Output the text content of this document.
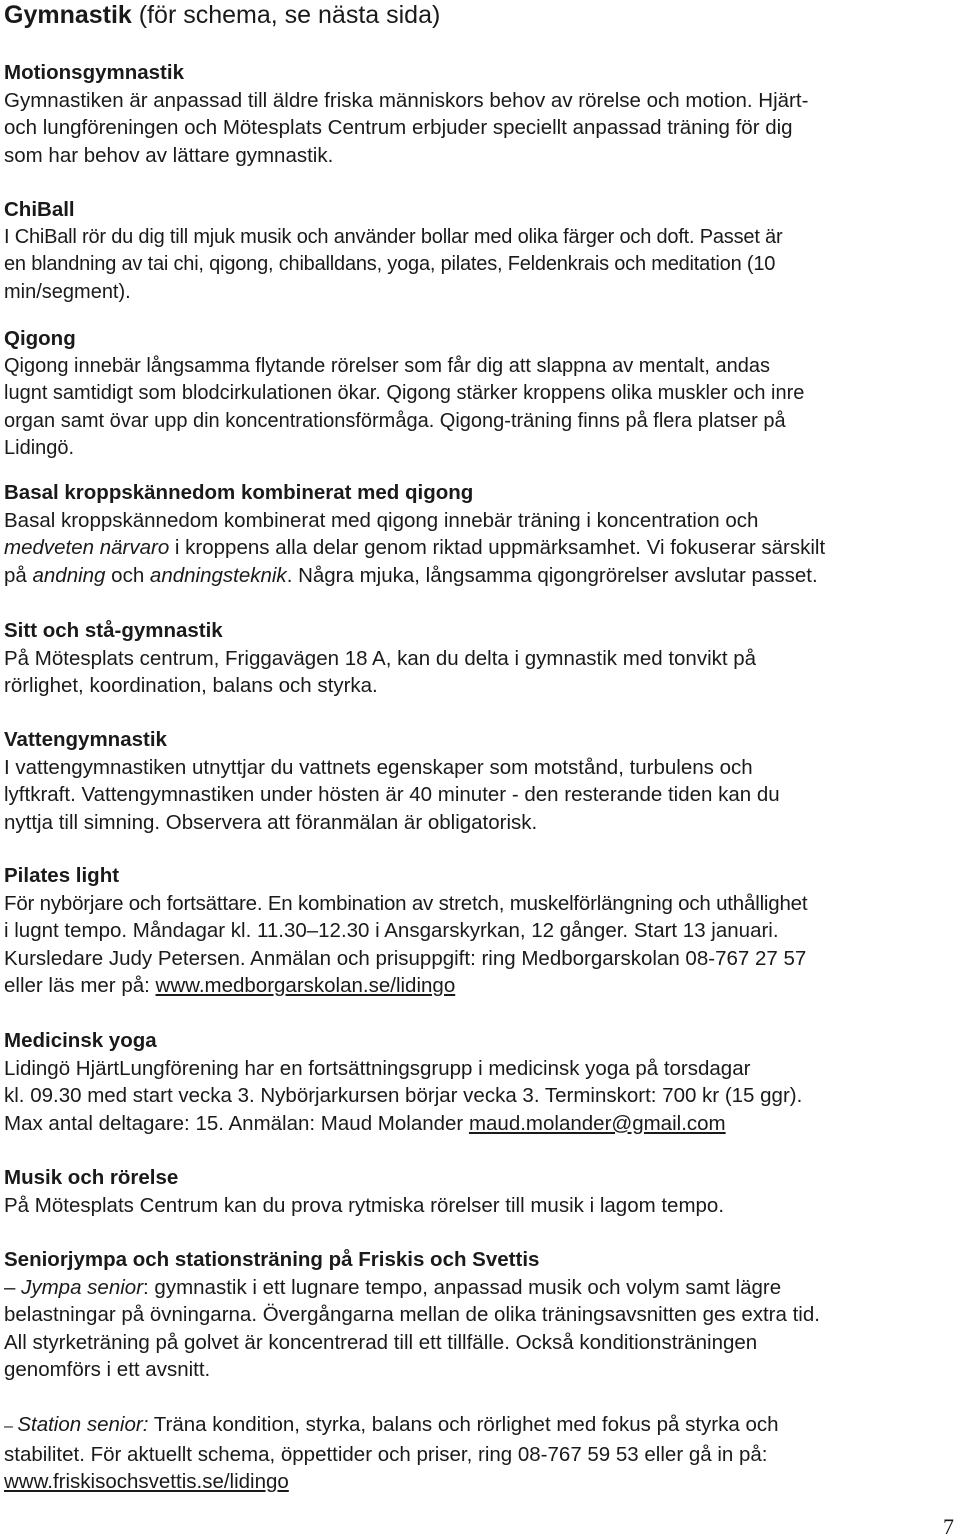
Gymnastik (för schema, se nästa sida)
Motionsgymnastik
Gymnastiken är anpassad till äldre friska människors behov av rörelse och motion. Hjärt-
och lungföreningen och Mötesplats Centrum erbjuder speciellt anpassad träning för dig
som har behov av lättare gymnastik.
ChiBall
I ChiBall rör du dig till mjuk musik och använder bollar med olika färger och doft. Passet är
en blandning av tai chi, qigong, chiballdans, yoga, pilates, Feldenkrais och meditation (10
min/segment).
Qigong
Qigong innebär långsamma flytande rörelser som får dig att slappna av mentalt, andas
lugnt samtidigt som blodcirkulationen ökar. Qigong stärker kroppens olika muskler och inre
organ samt övar upp din koncentrationsförmåga. Qigong-träning finns på flera platser på
Lidingö.
Basal kroppskännedom kombinerat med qigong
Basal kroppskännedom kombinerat med qigong innebär träning i koncentration och
medveten närvaro i kroppens alla delar genom riktad uppmärksamhet. Vi fokuserar särskilt
på andning och andningsteknik. Några mjuka, långsamma qigongrörelser avslutar passet.
Sitt och stå-gymnastik
På Mötesplats centrum, Friggavägen 18 A, kan du delta i gymnastik med tonvikt på
rörlighet, koordination, balans och styrka.
Vattengymnastik
I vattengymnastiken utnyttjar du vattnets egenskaper som motstånd, turbulens och
lyftkraft. Vattengymnastiken under hösten är 40 minuter - den resterande tiden kan du
nyttja till simning. Observera att föranmälan är obligatorisk.
Pilates light
För nybörjare och fortsättare. En kombination av stretch, muskelförlängning och uthållighet
i lugnt tempo. Måndagar kl. 11.30–12.30 i Ansgarskyrkan, 12 gånger. Start 13 januari.
Kursledare Judy Petersen. Anmälan och prisuppgift: ring Medborgarskolan 08-767 27 57
eller läs mer på: www.medborgarskolan.se/lidingo
Medicinsk yoga
Lidingö HjärtLungförening har en fortsättningsgrupp i medicinsk yoga på torsdagar
kl. 09.30 med start vecka 3. Nybörjarkursen börjar vecka 3. Terminskort: 700 kr (15 ggr).
Max antal deltagare: 15. Anmälan: Maud Molander maud.molander@gmail.com
Musik och rörelse
På Mötesplats Centrum kan du prova rytmiska rörelser till musik i lagom tempo.
Seniorjympa och stationsträning på Friskis och Svettis
– Jympa senior: gymnastik i ett lugnare tempo, anpassad musik och volym samt lägre
belastningar på övningarna. Övergångarna mellan de olika träningsavsnitten ges extra tid.
All styrketräning på golvet är koncentrerad till ett tillfälle. Också konditionsträningen
genomförs i ett avsnitt.
– Station senior: Träna kondition, styrka, balans och rörlighet med fokus på styrka och
stabilitet. För aktuellt schema, öppettider och priser, ring 08-767 59 53 eller gå in på:
www.friskisochsvettis.se/lidingo
7
